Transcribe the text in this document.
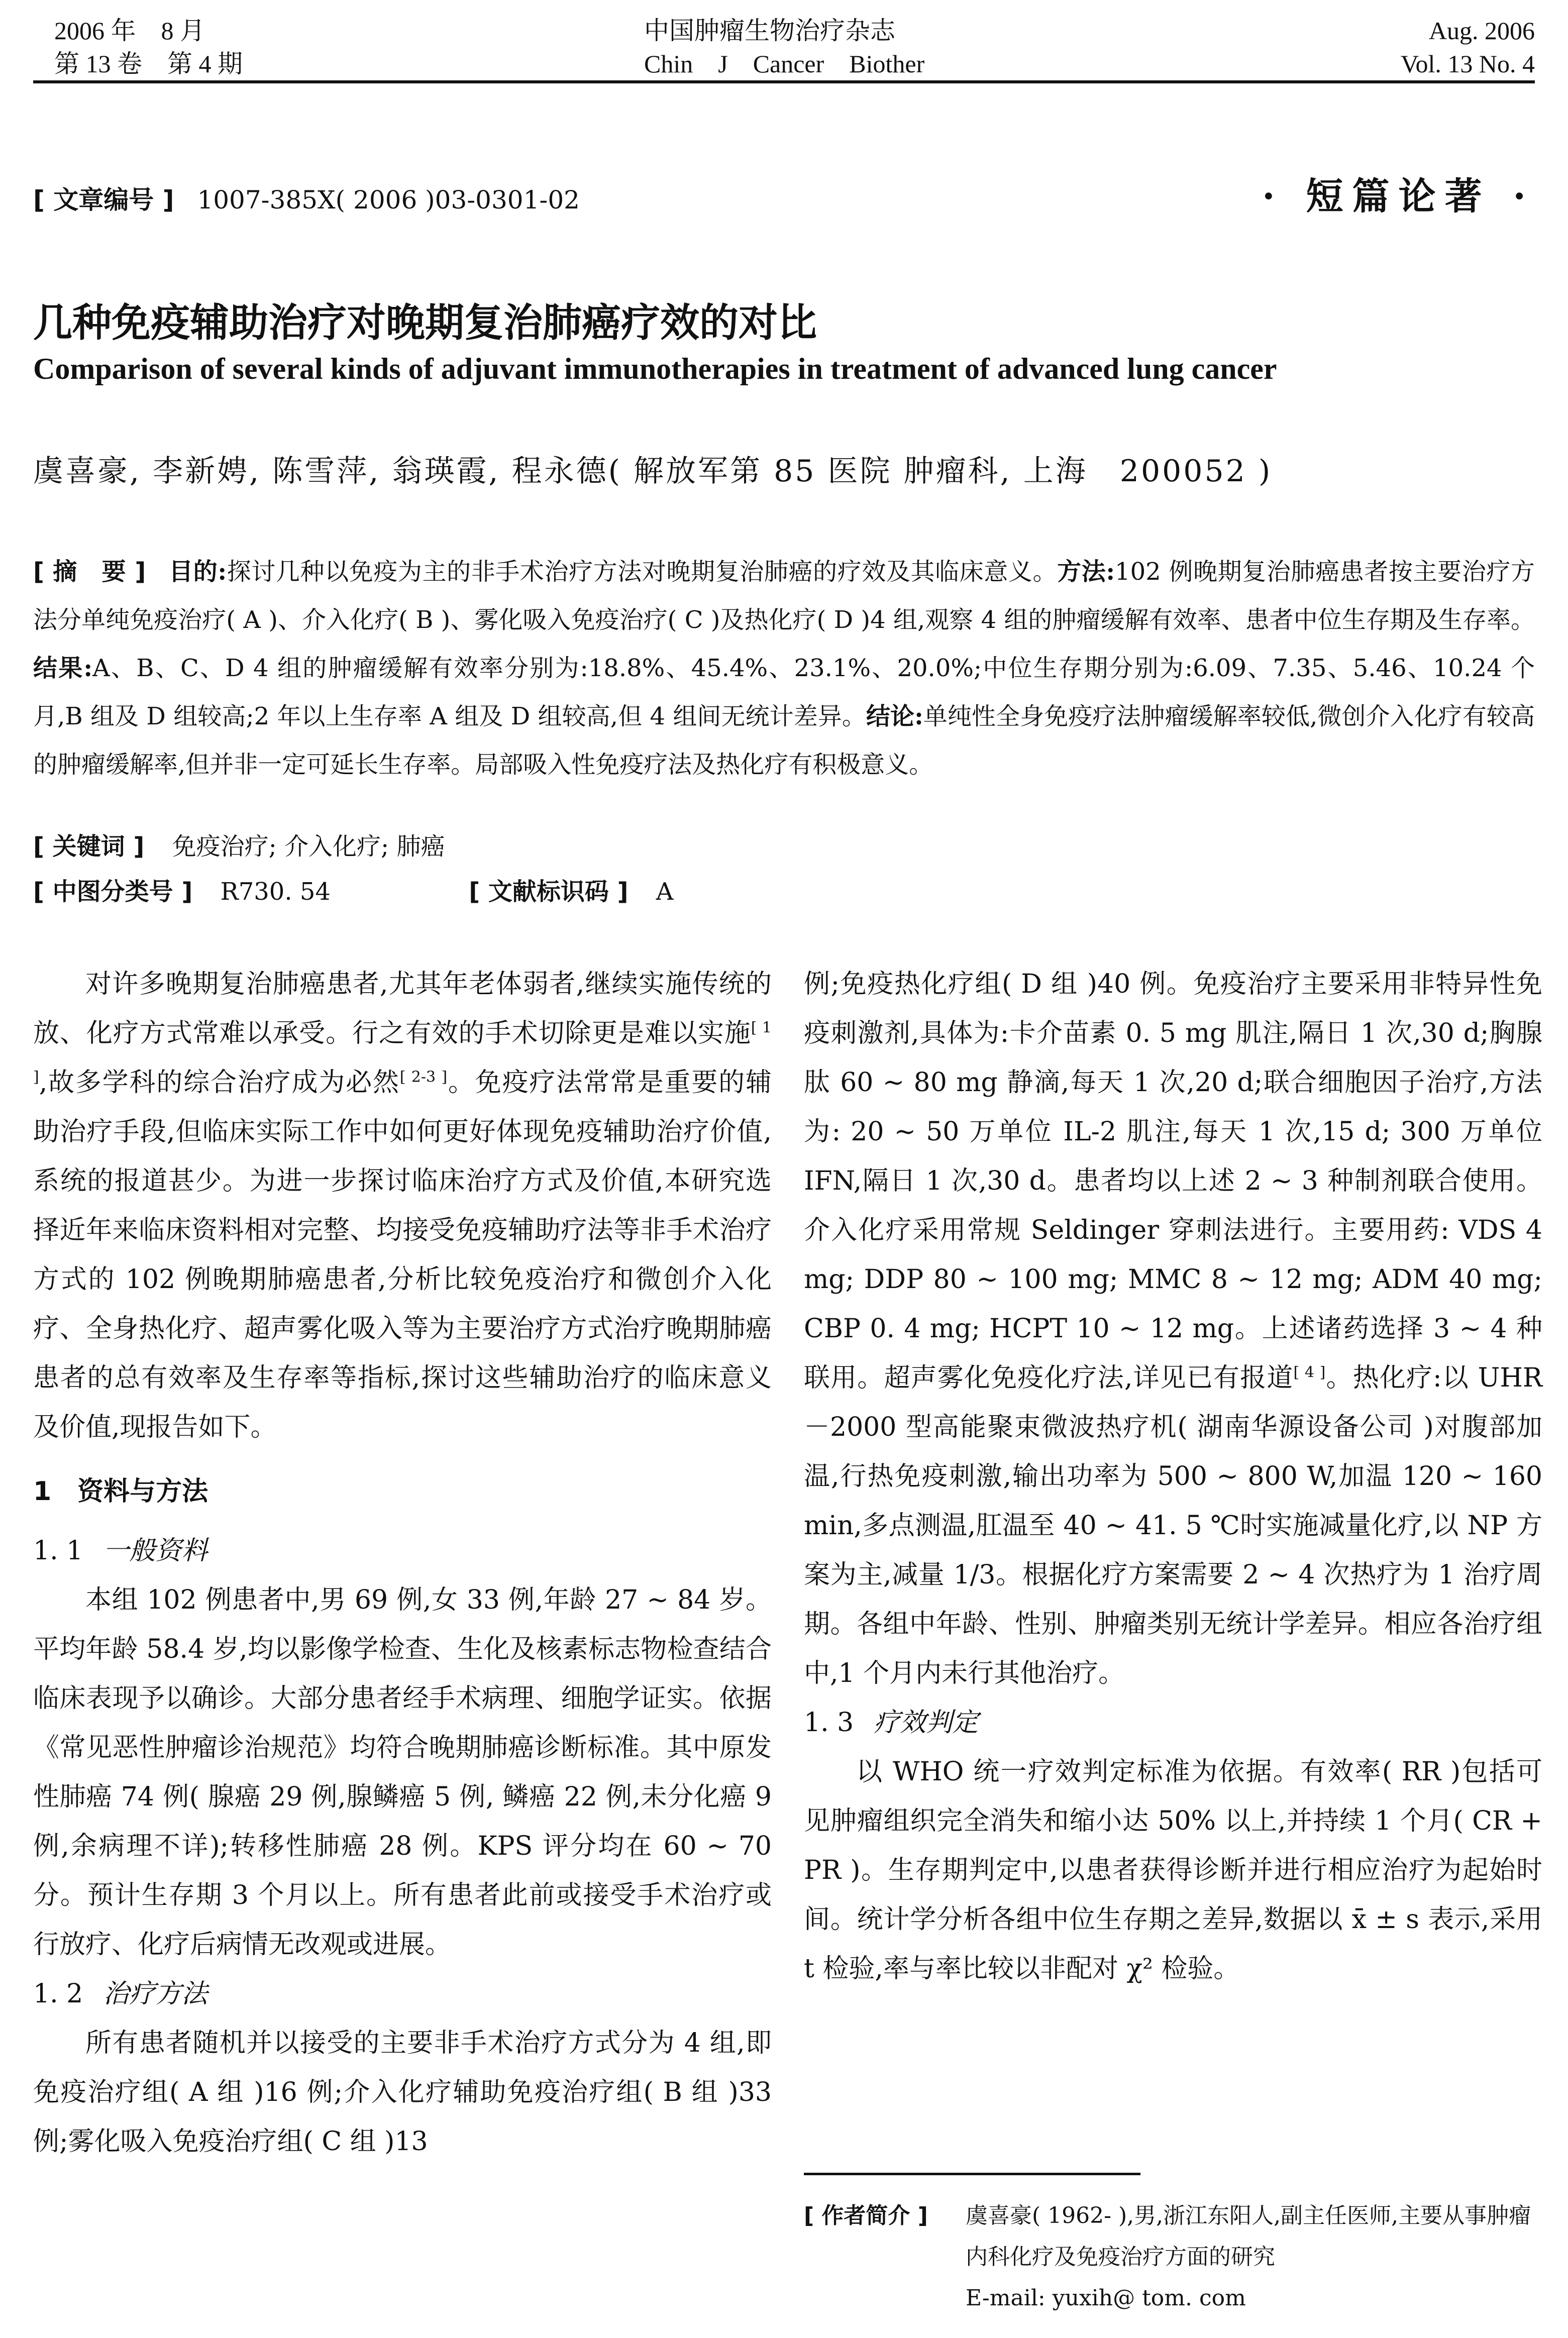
2006 年　8 月
第 13 卷　第 4 期
中国肿瘤生物治疗杂志
Chin　J　Cancer　Biother
Aug. 2006
Vol. 13 No. 4
[ 文章编号 ] 1007-385X( 2006 )03-0301-02	· 短篇论著 ·
几种免疫辅助治疗对晚期复治肺癌疗效的对比
Comparison of several kinds of adjuvant immunotherapies in treatment of advanced lung cancer
虞喜豪, 李新娉, 陈雪萍, 翁瑛霞, 程永德( 解放军第 85 医院 肿瘤科, 上海　200052 )
[ 摘　要 ] 目的:探讨几种以免疫为主的非手术治疗方法对晚期复治肺癌的疗效及其临床意义。方法:102 例晚期复治肺癌患者按主要治疗方法分单纯免疫治疗( A )、介入化疗( B )、雾化吸入免疫治疗( C )及热化疗( D )4 组,观察 4 组的肿瘤缓解有效率、患者中位生存期及生存率。结果:A、B、C、D 4 组的肿瘤缓解有效率分别为:18.8%、45.4%、23.1%、20.0%;中位生存期分别为:6.09、7.35、5.46、10.24 个月,B 组及 D 组较高;2 年以上生存率 A 组及 D 组较高,但 4 组间无统计差异。结论:单纯性全身免疫疗法肿瘤缓解率较低,微创介入化疗有较高的肿瘤缓解率,但并非一定可延长生存率。局部吸入性免疫疗法及热化疗有积极意义。
[ 关键词 ] 免疫治疗; 介入化疗; 肺癌
[ 中图分类号 ] R730. 54	[ 文献标识码 ] A

对许多晚期复治肺癌患者,尤其年老体弱者,继续实施传统的放、化疗方式常难以承受。行之有效的手术切除更是难以实施[ 1 ],故多学科的综合治疗成为必然[ 2-3 ]。免疫疗法常常是重要的辅助治疗手段,但临床实际工作中如何更好体现免疫辅助治疗价值,系统的报道甚少。为进一步探讨临床治疗方式及价值,本研究选择近年来临床资料相对完整、均接受免疫辅助疗法等非手术治疗方式的 102 例晚期肺癌患者,分析比较免疫治疗和微创介入化疗、全身热化疗、超声雾化吸入等为主要治疗方式治疗晚期肺癌患者的总有效率及生存率等指标,探讨这些辅助治疗的临床意义及价值,现报告如下。

1　资料与方法

1. 1 一般资料

本组 102 例患者中,男 69 例,女 33 例,年龄 27 ~ 84 岁。平均年龄 58.4 岁,均以影像学检查、生化及核素标志物检查结合临床表现予以确诊。大部分患者经手术病理、细胞学证实。依据《常见恶性肿瘤诊治规范》均符合晚期肺癌诊断标准。其中原发性肺癌 74 例( 腺癌 29 例,腺鳞癌 5 例, 鳞癌 22 例,未分化癌 9 例,余病理不详);转移性肺癌 28 例。KPS 评分均在 60 ~ 70 分。预计生存期 3 个月以上。所有患者此前或接受手术治疗或行放疗、化疗后病情无改观或进展。

1. 2 治疗方法

所有患者随机并以接受的主要非手术治疗方式分为 4 组,即免疫治疗组( A 组 )16 例;介入化疗辅助免疫治疗组( B 组 )33 例;雾化吸入免疫治疗组( C 组 )13

例;免疫热化疗组( D 组 )40 例。免疫治疗主要采用非特异性免疫刺激剂,具体为:卡介苗素 0. 5 mg 肌注,隔日 1 次,30 d;胸腺肽 60 ~ 80 mg 静滴,每天 1 次,20 d;联合细胞因子治疗,方法为: 20 ~ 50 万单位 IL-2 肌注,每天 1 次,15 d; 300 万单位 IFN,隔日 1 次,30 d。患者均以上述 2 ~ 3 种制剂联合使用。介入化疗采用常规 Seldinger 穿刺法进行。主要用药: VDS 4 mg; DDP 80 ~ 100 mg; MMC 8 ~ 12 mg; ADM 40 mg; CBP 0. 4 mg; HCPT 10 ~ 12 mg。上述诸药选择 3 ~ 4 种联用。超声雾化免疫化疗法,详见已有报道[ 4 ]。热化疗:以 UHR－2000 型高能聚束微波热疗机( 湖南华源设备公司 )对腹部加温,行热免疫刺激,输出功率为 500 ~ 800 W,加温 120 ~ 160 min,多点测温,肛温至 40 ~ 41. 5 ℃时实施减量化疗,以 NP 方案为主,减量 1/3。根据化疗方案需要 2 ~ 4 次热疗为 1 治疗周期。各组中年龄、性别、肿瘤类别无统计学差异。相应各治疗组中,1 个月内未行其他治疗。

1. 3 疗效判定

以 WHO 统一疗效判定标准为依据。有效率( RR )包括可见肿瘤组织完全消失和缩小达 50% 以上,并持续 1 个月( CR + PR )。生存期判定中,以患者获得诊断并进行相应治疗为起始时间。统计学分析各组中位生存期之差异,数据以 x̄ ± s 表示,采用 t 检验,率与率比较以非配对 χ² 检验。

[ 作者简介 ] 虞喜豪( 1962- ),男,浙江东阳人,副主任医师,主要从事肿瘤内科化疗及免疫治疗方面的研究
E-mail: yuxih@ tom. com
